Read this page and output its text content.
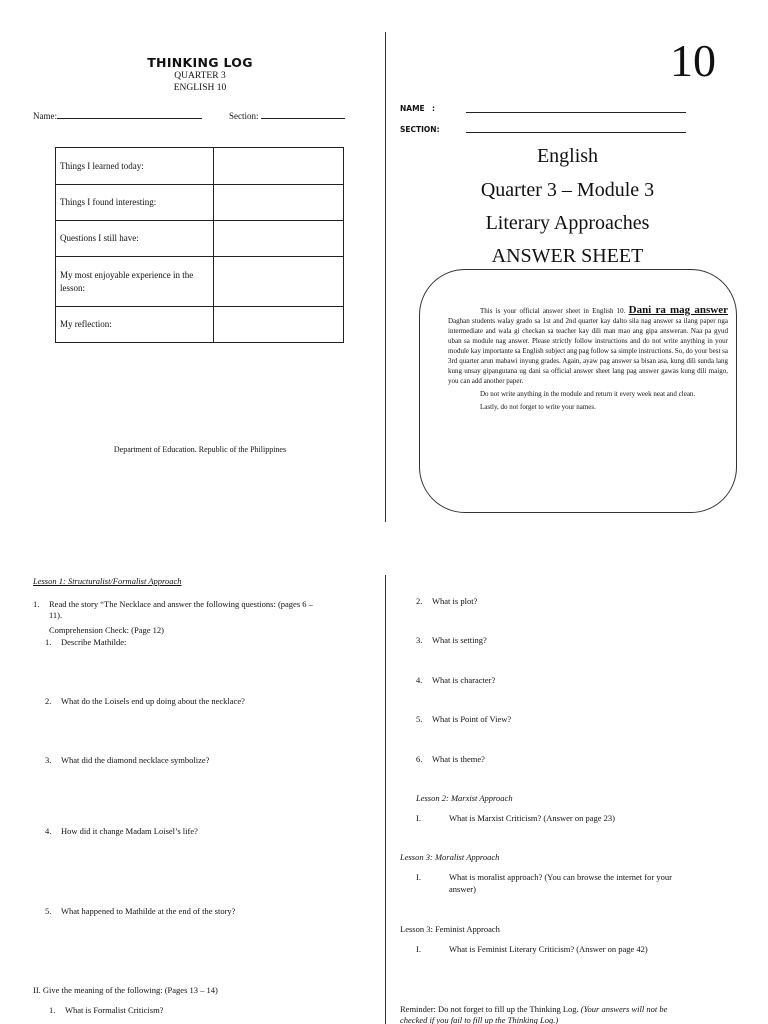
THINKING LOG
QUARTER 3
ENGLISH 10
Name:	Section:
Things I learned today:	
Things I found interesting:	
Questions I still have:	
My most enjoyable experience in the lesson:	
My reflection:	
Department of Education. Republic of the Philippines
10
NAME :
SECTION:
English
Quarter 3 – Module 3
Literary Approaches
ANSWER SHEET

This is your official answer sheet in English 10. Dani ra mag answer Daghan students walay grado sa 1st and 2nd quarter kay dalto sila nag answer sa ilang paper nga intermediate and wala gi checkan sa teacher kay dili man mao ang gipa answeran. Naa pa gyud uban sa module nag answer. Please strictly follow instructions and do not write anything in your module kay importante sa English subject ang pag follow sa simple instructions. So, do your best sa 3rd quarter arun mabawi inyung grades. Again, ayaw pag answer sa bisan asa, kung dili sunda lang kung unsay gipangutana ug dani sa official answer sheet lang pag answer gawas kung dili maigo, you can add another paper.

Do not write anything in the module and return it every week neat and clean.

Lastly, do not forget to write your names.

Lesson 1: Structuralist/Formalist Approach
1. Read the story “The Necklace and answer the following questions: (pages 6 –
11).
Comprehension Check: (Page 12)
1. Describe Mathilde:
2. What do the Loisels end up doing about the necklace?
3. What did the diamond necklace symbolize?
4. How did it change Madam Loisel’s life?
5. What happened to Mathilde at the end of the story?
II. Give the meaning of the following: (Pages 13 – 14)
1. What is Formalist Criticism?
2. What is plot?
3. What is setting?
4. What is character?
5. What is Point of View?
6. What is theme?
Lesson 2: Marxist Approach
I.	What is Marxist Criticism? (Answer on page 23)
Lesson 3: Moralist Approach
I.	What is moralist approach? (You can browse the internet for your
answer)
Lesson 3: Feminist Approach
I.	What is Feminist Literary Criticism? (Answer on page 42)
Reminder: Do not forget to fill up the Thinking Log. (Your answers will not be
checked if you fail to fill up the Thinking Log.)
